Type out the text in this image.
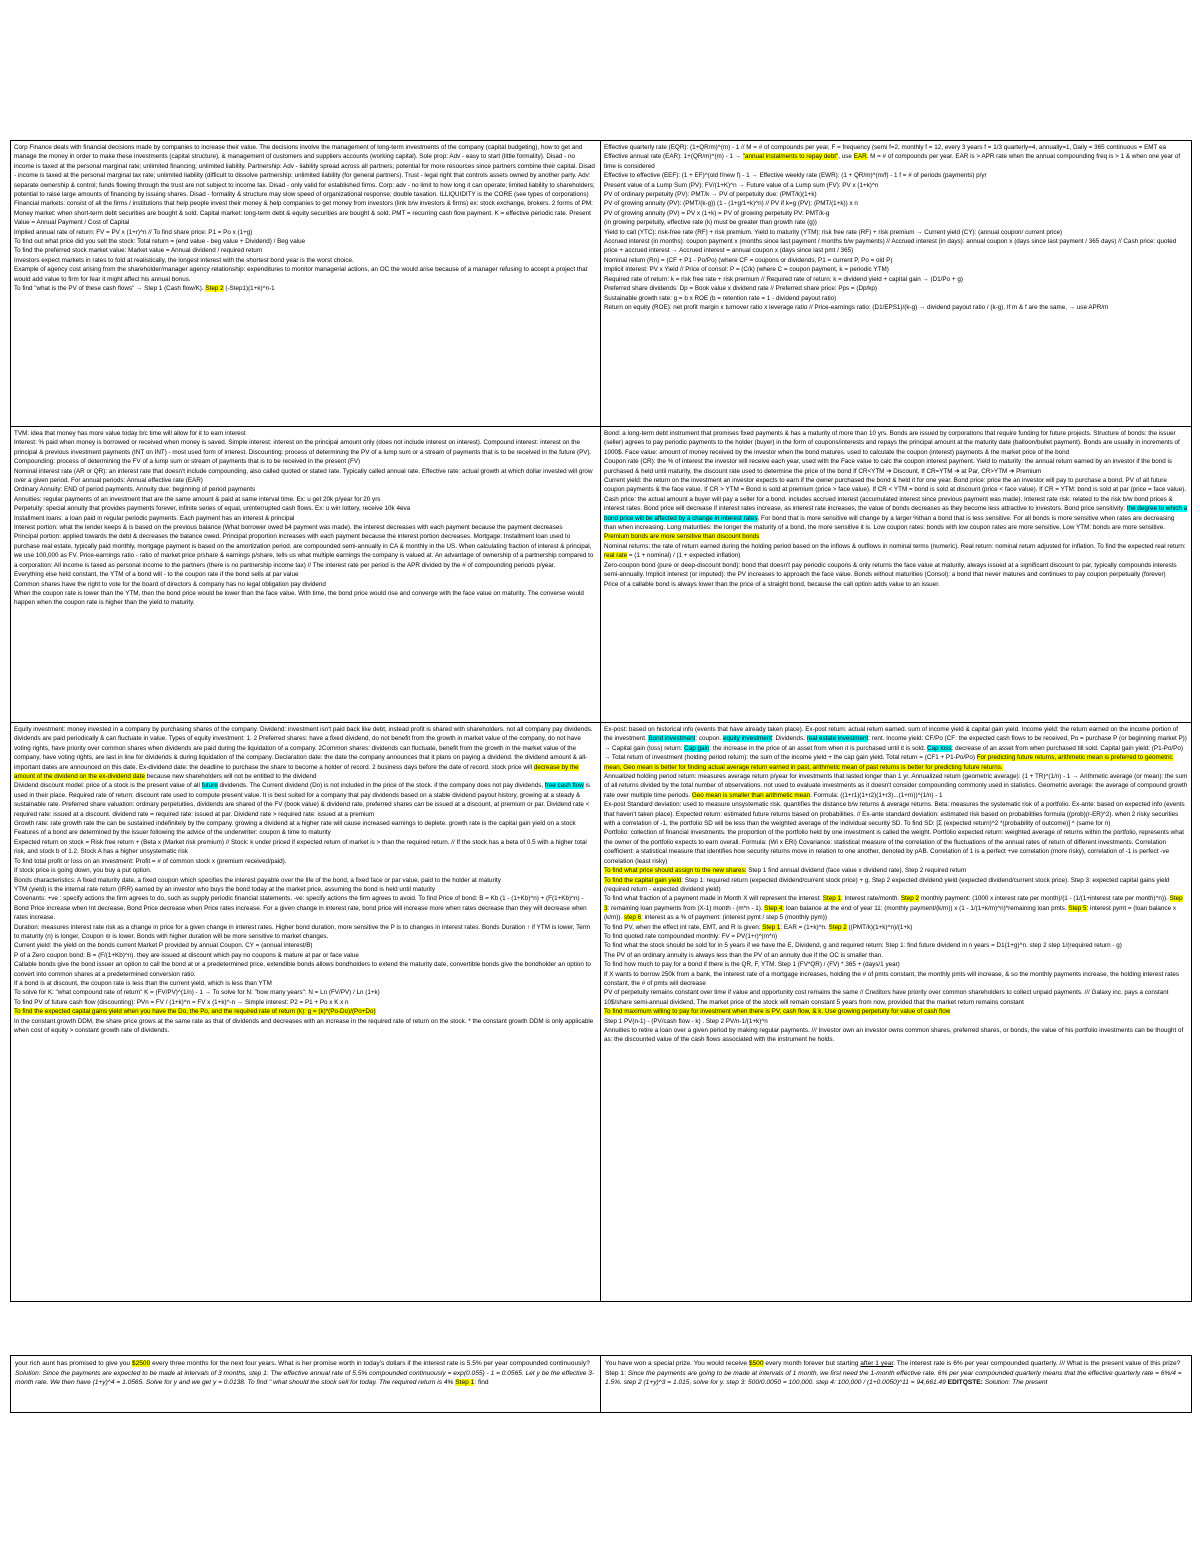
Corp Finance deals with financial decisions made by companies to increase their value. The decisions involve the management of long-term investments of the company (capital budgeting), how to get and manage the money in order to make these investments (capital structure), & management of customers and suppliers accounts (working capital). Sole prop: Adv - easy to start (little formality). Disad - no income is taxed at the personal marginal rate; unlimited financing; unlimited liability. Partnership: Adv - liability spread across all partners; potential for more resources since partners combine their capital. Disad - income is taxed at the personal marginal tax rate; unlimited liability (difficult to dissolve partnership; unlimited liability (for general partners). Trust - legal right that controls assets owned by another party. Adv: separate ownership & control; funds flowing through the trust are not subject to income tax. Disad - only valid for established firms. Corp: adv - no limit to how long it can operate; limited liability to shareholders; potential to raise large amounts of financing by issuing shares. Disad - formality & structure may slow speed of organizational response; double taxation. ILLIQUIDITY is the CORE (see types of corporations)

Financial markets: consist of all the firms / institutions that help people invest their money & help companies to get money from investors (link b/w investors & firms) ex: stock exchange, brokers. 2 forms of PM: Money market: when short-term debt securities are bought & sold. Capital market: long-term debt & equity securities are bought & sold. PMT = recurring cash flow payment. K = effective periodic rate. Present Value = Annual Payment / Cost of Capital

Implied annual rate of return: FV = PV x (1+r)^n // To find share price: P1 = Po x (1+g)

To find out what price did you sell the stock: Total return = (end value - beg value + Dividend) / Beg value

To find the preferred stock market value: Market value = Annual dividend / required return

Investors expect markets in rates to fold at realistically, the longest interest with the shortest bond year is the worst choice.

Example of agency cost arising from the shareholder/manager agency relationship: expenditures to monitor managerial actions, an OC the would arise because of a manager refusing to accept a project that would add value to firm for fear it might affect his annual bonus.

To find "what is the PV of these cash flows" → Step 1 (Cash flow/K). Step 2 (-Step1)(1+k)^n-1

Effective quarterly rate (EQR): (1+QR/m)^(m) - 1 // M = # of compounds per year, F = frequency (semi f=2, monthly f = 12, every 3 years f = 1/3 quarterly=4, annually=1, Daily = 365 continuous = EMT ea

Effective annual rate (EAR): 1+(QR/m)^(m) - 1 → "annual instalments to repay debt", use EAR. M = # of compounds per year. EAR is > APR rate when the annual compounding freq is > 1 & when one year of time is considered

Effective to effective (EEF): (1 + EF)^(old f/new f) - 1 → Effective weekly rate (EWR): (1 + QR/m)^(m/f) - 1 f = # of periods (payments) p/yr

Present value of a Lump Sum (PV): FV/(1+K)^n → Future value of a Lump sum (FV): PV x (1+k)^n

PV of ordinary perpetuity (PV): PMT/k → PV of perpetuity due: (PMT/k)(1+k)

PV of growing annuity (PV): (PMT/(k-g)) (1 - (1+g/1+k)^n) // PV if k=g (PV): (PMT/(1+k)) x n

PV of growing annuity (PV) = PV x (1+k) = PV of growing perpetuity PV: PMT/k-g

(in growing perpetuity, effective rate (k) must be greater than growth rate (g))

Yield to call (YTC): risk-free rate (RF) + risk premium. Yield to maturity (YTM): risk free rate (RF) + risk premium → Current yield (CY): (annual coupon/ current price)

Accrued interest (in months): coupon payment x (months since last payment / months b/w payments) // Accrued interest (in days): annual coupon x (days since last payment / 365 days) // Cash price: quoted price + accrued interest → Accrued interest = annual coupon x (days since last pmt / 365)

Nominal return (Rn) = (CF + P1 - Po/Po) (where CF = coupons or dividends, P1 = current P, Po = old P)

Implicit interest: PV x Yield // Price of consol: P = (C/k) (where C = coupon payment, k = periodic YTM)

Required rate of return: k = risk free rate + risk premium // Required rate of return: k = dividend yield + capital gain → (D1/Po + g)

Preferred share dividends: Dp = Book value x dividend rate // Preferred share price: Pps = (Dp/kp)

Sustainable growth rate: g = b x ROE (b = retention rate = 1 - dividend payout ratio)

Return on equity (ROE): net profit margin x turnover ratio x leverage ratio // Price-earnings ratio: (D1/EPS1)/(k-g) → dividend payout ratio / (k-g). If m & f are the same, → use APR/m

TVM: idea that money has more value today b/c time will allow for it to earn interest

Interest: % paid when money is borrowed or received when money is saved. Simple interest: interest on the principal amount only (does not include interest on interest). Compound interest: interest on the principal & previous investment payments (INT on INT) - most used form of interest. Discounting: process of determining the PV of a lump sum or a stream of payments that is to be received in the future (PV). Compounding: process of determining the FV of a lump sum or stream of payments that is to be received in the present (FV)

Nominal interest rate (AR or QR): an interest rate that doesn't include compounding, also called quoted or stated rate. Typically called annual rate. Effective rate: actual growth at which dollar invested will grow over a given period. For annual periods: Annual effective rate (EAR)

Ordinary Annuity: END of period payments. Annuity due: beginning of period payments

Annuities: regular payments of an investment that are the same amount & paid at same interval time. Ex: u get 20k p/year for 20 yrs

Perpetuity: special annuity that provides payments forever, infinite series of equal, uninterrupted cash flows. Ex: u win lottery, receive 10k 4eva

Installment loans: a loan paid in regular periodic payments. Each payment has an interest & principal

Interest portion: what the lender keeps & is based on the previous balance (What borrower owed b4 payment was made). the interest decreases with each payment because the payment decreases

Principal portion: applied towards the debt & decreases the balance owed. Principal proportion increases with each payment because the interest portion decreases. Mortgage: Installment loan used to purchase real estate, typically paid monthly, mortgage payment is based on the amortization period. are compounded semi-annually in CA & monthly in the US. When calculating fraction of interest & principal, we use 100,000 as FV. Price-earnings ratio - ratio of market price p/share & earnings p/share, tells us what multiple earnings the company is valued at. An advantage of ownership of a partnership compared to a corporation: All income is taxed as personal income to the partners (there is no partnership income tax) // The interest rate per period is the APR divided by the # of compounding periods p/year.

Everything else held constant, the YTM of a bond will - to the coupon rate if the bond sells at par value

Common shares have the right to vote for the board of directors & company has no legal obligation pay dividend

When the coupon rate is lower than the YTM, then the bond price would be lower than the face value. With time, the bond price would rise and converge with the face value on maturity. The converse would happen when the coupon rate is higher than the yield to maturity.

Bond: a long-term debt instrument that promises fixed payments & has a maturity of more than 10 yrs. Bonds are issued by corporations that require funding for future projects. Structure of bonds: the issuer (seller) agrees to pay periodic payments to the holder (buyer) in the form of coupons/interests and repays the principal amount at the maturity date (balloon/bullet payment). Bonds are usually in increments of 1000$. Face value: amount of money received by the investor when the bond matures. used to calculate the coupon (interest) payments & the market price of the bond

Coupon rate (CR): the % of interest the investor will receive each year, used with the Face value to calc the coupon interest payment. Yield to maturity: the annual return earned by an investor if the bond is purchased & held until maturity, the discount rate used to determine the price of the bond If CR<YTM ➔ Discount, If CR=YTM ➔ at Par, CR>YTM ➔ Premium

Current yield: the return on the investment an investor expects to earn if the owner purchased the bond & held it for one year. Bond price: price the an investor will pay to purchase a bond. PV of all future coupon payments & the face value. If CR > YTM = Bond is sold at premium (price > face value). If CR < YTM = bond is sold at discount (price < face value). If CR = YTM: bond is sold at par (price = face value). Cash price: the actual amount a buyer will pay a seller for a bond. includes accrued interest (accumulated interest since previous payment was made). Interest rate risk: related to the risk b/w bond prices & interest rates. Bond price will decrease if interest rates increase, as interest rate increases, the value of bonds decreases as they become less attractive to investors. Bond price sensitivity: the degree to which a bond price will be affected by a change in interest rates. For bond that is more sensitive will change by a larger %than a bond that is less sensitive. For all bonds is more sensitive when rates are decreasing than when increasing. Long maturities: the longer the maturity of a bond, the more sensitive it is. Low coupon rates: bonds with low coupon rates are more sensitive. Low YTM: bonds are more sensitive. Premium bonds are more sensitive than discount bonds

Nominal returns: the rate of return earned during the holding period based on the inflows & outflows in nominal terms (numeric). Real return: nominal return adjusted for inflation. To find the expected real return: real rate = (1 + nominal) / (1 + expected inflation)

Zero-coupon bond (pure or deep-discount bond): bond that doesn't pay periodic coupons & only returns the face value at maturity, always issued at a significant discount to par, typically compounds interests semi-annually. Implicit interest (or imputed): the PV increases to approach the face value. Bonds without maturities (Consol): a bond that never matures and continues to pay coupon perpetually (forever)

Price of a callable bond is always lower than the price of a straight bond, because the call option adds value to an issuer.

Equity investment: money invested in a company by purchasing shares of the company. Dividend: investment isn't paid back like debt, instead profit is shared with shareholders. not all company pay dividends. dividends are paid periodically & can fluctuate in value. Types of equity investment: 1. 2 Preferred shares: have a fixed dividend, do not benefit from the growth in market value of the company, do not have voting rights, have priority over common shares when dividends are paid during the liquidation of a company. 2Common shares: dividends can fluctuate, benefit from the growth in the market value of the company, have voting rights, are last in line for dividends & during liquidation of the company. Declaration date: the date the company announces that it plans on paying a dividend. the dividend amount & all-important dates are announced on this date. Ex-dividend date: the deadline to purchase the share to become a holder of record. 2 business days before the date of record. stock price will decrease by the amount of the dividend on the ex-dividend date because new shareholders will not be entitled to the dividend

Dividend discount model: price of a stock is the present value of all future dividends. The Current dividend (Do) is not included in the price of the stock. if the company does not pay dividends, free cash flow is used in their place. Required rate of return: discount rate used to compute present value. It is best suited for a company that pay dividends based on a stable dividend payout history, growing at a steady & sustainable rate. Preferred share valuation: ordinary perpetuities, dividends are shared of the FV (book value) & dividend rate, preferred shares can be issued at a discount, at premium or par. Dividend rate < required rate: issued at a discount. dividend rate = required rate: issued at par. Dividend rate > required rate: issued at a premium

Growth rate: rate growth rate the can be sustained indefinitely by the company. growing a dividend at a higher rate will cause increased earnings to deplete. growth rate is the capital gain yield on a stock

Features of a bond are determined by the issuer following the advice of the underwriter: coupon & time to maturity

Expected return on stock = Risk free return + (Beta x (Market risk premium) // Stock: k under priced if expected return of market is > than the required return. // If the stock has a beta of 0.5 with a higher total risk, and stock b of 1.2. Stock A has a higher unsystematic risk

To find total profit or loss on an investment: Profit = # of common stock x (premium received/paid).

If stock price is going down, you buy a put option.

Bonds characteristics: A fixed maturity date, a fixed coupon which specifies the interest payable over the life of the bond, a fixed face or par value, paid to the holder at maturity

YTM (yield) is the internal rate return (IRR) earned by an investor who buys the bond today at the market price, assuming the bond is held until maturity

Covenants: +ve : specify actions the firm agrees to do, such as supply periodic financial statements. -ve: specify actions the firm agrees to avoid. To find Price of bond: B = Kb (1 - (1+Kb)^n) + (F(1+Kb)^n) - Bond Price increase when Int decrease, Bond Price decrease when Price rates increase. For a given change in interest rate, bond price will increase more when rates decrease than they will decrease when rates increase.

Duration: measures interest rate risk as a change in price for a given change in interest rates. Higher bond duration, more sensitive the P is to changes in interest rates. Bonds Duration ↑ if YTM is lower, Term to maturity (n) is longer, Coupon ⊖ is lower. Bonds with higher duration will be more sensitive to market changes.

Current yield: the yield on the bonds current Market P provided by annual Coupon. CY = (annual interest/B)

P of a Zero coupon bond: B = (F/(1+Kb)^n). they are issued at discount which pay no coupons & mature at par or face value

Callable bonds give the bond issuer an option to call the bond at or a predetermined price, extendible bonds allows bondholders to extend the maturity date, convertible bonds give the bondholder an option to convert into common shares at a predetermined conversion ratio.

If a bond is at discount, the coupon rate is less than the current yield, which is less than YTM

To solve for K: "what compound rate of return" K = (FV/PV)^(1/n) - 1 → To solve for N: "how many years": N = Ln (FV/PV) / Ln (1+k)

To find PV of future cash flow (discounting): PVn = FV / (1+k)^n = FV x (1+k)^-n → Simple interest: P2 = P1 + Po x K x n

To find the expected capital gains yield when you have the Do, the Po, and the required rate of return (k): g = (k)*(Po-Do)/(Po+Do)

In the constant growth DDM, the share price grows at the same rate as that of dividends and decreases with an increase in the required rate of return on the stock. * the constant growth DDM is only applicable when cost of equity > constant growth rate of dividends.

Ex-post: based on historical info (events that have already taken place). Ex-post return: actual return earned. sum of income yield & capital gain yield. Income yield: the return earned on the income portion of the investment. Bond investment: coupon. equity investment: Dividends. real estate investment: rent. Income yield: CF/Po (CF: the expected cash flows to be received, Po = purchase P (or beginning market P)) → Capital gain (loss) return: Cap gain: the increase in the price of an asset from when it is purchased until it is sold. Cap loss: decrease of an asset from when purchased till sold. Capital gain yield: (P1-Po/Po) → Total return of investment (holding period return): the sum of the income yield + the cap gain yield. Total return = (CF1 + P1-Po/Po) For predicting future returns, arithmetic mean is preferred to geometric mean, Geo mean is better for finding actual average return earned in past, arithmetic mean of past returns is better for predicting future returns.

Annualized holding period return: measures average return p/year for investments that lasted longer than 1 yr. Annualized return (geometric average): (1 + TR)^(1/n) - 1 → Arithmetic average (or mean): the sum of all returns divided by the total number of observations. not used to evaluate investments as it doesn't consider compounding commonly used in statistics. Geometric average: the average of compound growth rate over multiple time periods. Geo mean is smaller than arithmetic mean. Formula: ((1+r1)(1+r2)(1+r3)...(1+rn))^(1/n) - 1

Ex-post Standard deviation: used to measure unsystematic risk. quantifies the distance b/w returns & average returns. Beta: measures the systematic risk of a portfolio. Ex-ante: based on expected info (events that haven't taken place). Expected return: estimated future returns based on probabilities. // Ex-ante standard deviation: estimated risk based on probabilities formula ((prob)(r-ER)^2). when 2 risky securities with a correlation of -1, the portfolio SD will be less than the weighted average of the individual security SD. To find SD: [Σ (expected return)^2 *(probability of outcome)] ^ (same for n)

Portfolio: collection of financial investments. the proportion of the portfolio held by one investment is called the weight. Portfolio expected return: weighted average of returns within the portfolio, represents what the owner of the portfolio expects to earn overall. Formula: (Wi x ERi) Covariance: statistical measure of the correlation of the fluctuations of the annual rates of return of different investments. Correlation coefficient: a statistical measure that identifies how security returns move in relation to one another, denoted by ρAB. Correlation of 1 is a perfect +ve correlation (more risky), correlation of -1 is perfect -ve correlation (least risky)

To find what price should assign to the new shares: Step 1 find annual dividend (face value x dividend rate), Step 2 required return

To find the capital gain yield: Step 1: required return (expected dividend/current stock price) + g. Step 2 expected dividend yield (expected dividend/current stock price). Step 3: expected capital gains yield (required return - expected dividend yield)

To find what fraction of a payment made in Month X will represent the interest: Step 1: Interest rate/month. Step 2 monthly payment: (1000 x interest rate per month)/(1 - (1/(1+interest rate per month)^n)). Step 3: remaining loan payments from (X-1) month - (m*n - 1). Step 4: loan balance at the end of year 11: (monthly payment/(k/m)) x (1 - 1/(1+k/m)^n)*remaining loan pmts. Step 5: interest pymt = (loan balance x (k/m)). step 6: interest as a % of payment: (interest pymt / step 5 (monthly pym))

To find PV, when the effect int rate, EMT, and R is given: Step 1: EAR = (1+k)^n. Step 2 ((PMT/k)(1+k)^n)/(1+k)

To find quoted rate compounded monthly: FV = PV(1+r)^(m*n)

To find what the stock should be sold for in 5 years if we have the E, Dividend, g and required return: Step 1: find future dividend in n years = D1(1+g)^n. step 2 step 1/(required return - g)

The PV of an ordinary annuity is always less than the PV of an annuity due if the OC is smaller than.

To find how much to pay for a bond if there is the QR, F, YTM. Step 1 (FV*QR) / (FV) * 365 + (days/1 year)

If X wants to borrow 250k from a bank, the interest rate of a mortgage increases, holding the # of pmts constant, the monthly pmts will increase, & so the monthly payments increase, the holding interest rates constant, the # of pmts will decrease

PV of perpetuity remains constant over time if value and opportunity cost remains the same // Creditors have priority over common shareholders to collect unpaid payments. /// Galaxy inc. pays a constant 10$/share semi-annual dividend, The market price of the stock will remain constant 5 years from now, provided that the market return remains constant

To find maximum willing to pay for investment when there is PV, cash flow, & k. Use growing perpetuity for value of cash flow

Step 1 PV(n-1) - (PV/cash flow - k) . Step 2 PV/n-1/(1+k)^n

Annuities to retire a loan over a given period by making regular payments. /// Investor own an investor owns common shares, preferred shares, or bonds, the value of his portfolio investments can be thought of as: the discounted value of the cash flows associated with the instrument he holds.

your rich aunt has promised to give you $2500 every three months for the next four years. What is her promise worth in today's dollars if the interest rate is 5.5% per year compounded continuously? Solution: Since the payments are expected to be made at intervals of 3 months, step 1: The effective annual rate of 5.5% compounded continuously = exp(0.055) - 1 = 0.0565. Let y be the effective 3-month rate. We then have (1+y)^4 = 1.0565. Solve for y and we get y = 0.0138. To find " what should the stock sell for today. The required return is 4% Step 1: find
You have won a special prize. You would receive $500 every month forever but starting after 1 year. The interest rate is 6% per year compounded quarterly. /// What is the present value of this prize? Step 1: Since the payments are going to be made at intervals of 1 month, we first need the 1-month effective rate. 6% per year compounded quarterly means that the effective quarterly rate = 6%/4 = 1.5%. step 2 (1+y)^3 = 1.015, solve for y. step 3: 500/0.0050 = 100,000. step 4: 100,000 / (1+0.0050)^11 = 94,661.49 EDITQSTE: Solution: The present
